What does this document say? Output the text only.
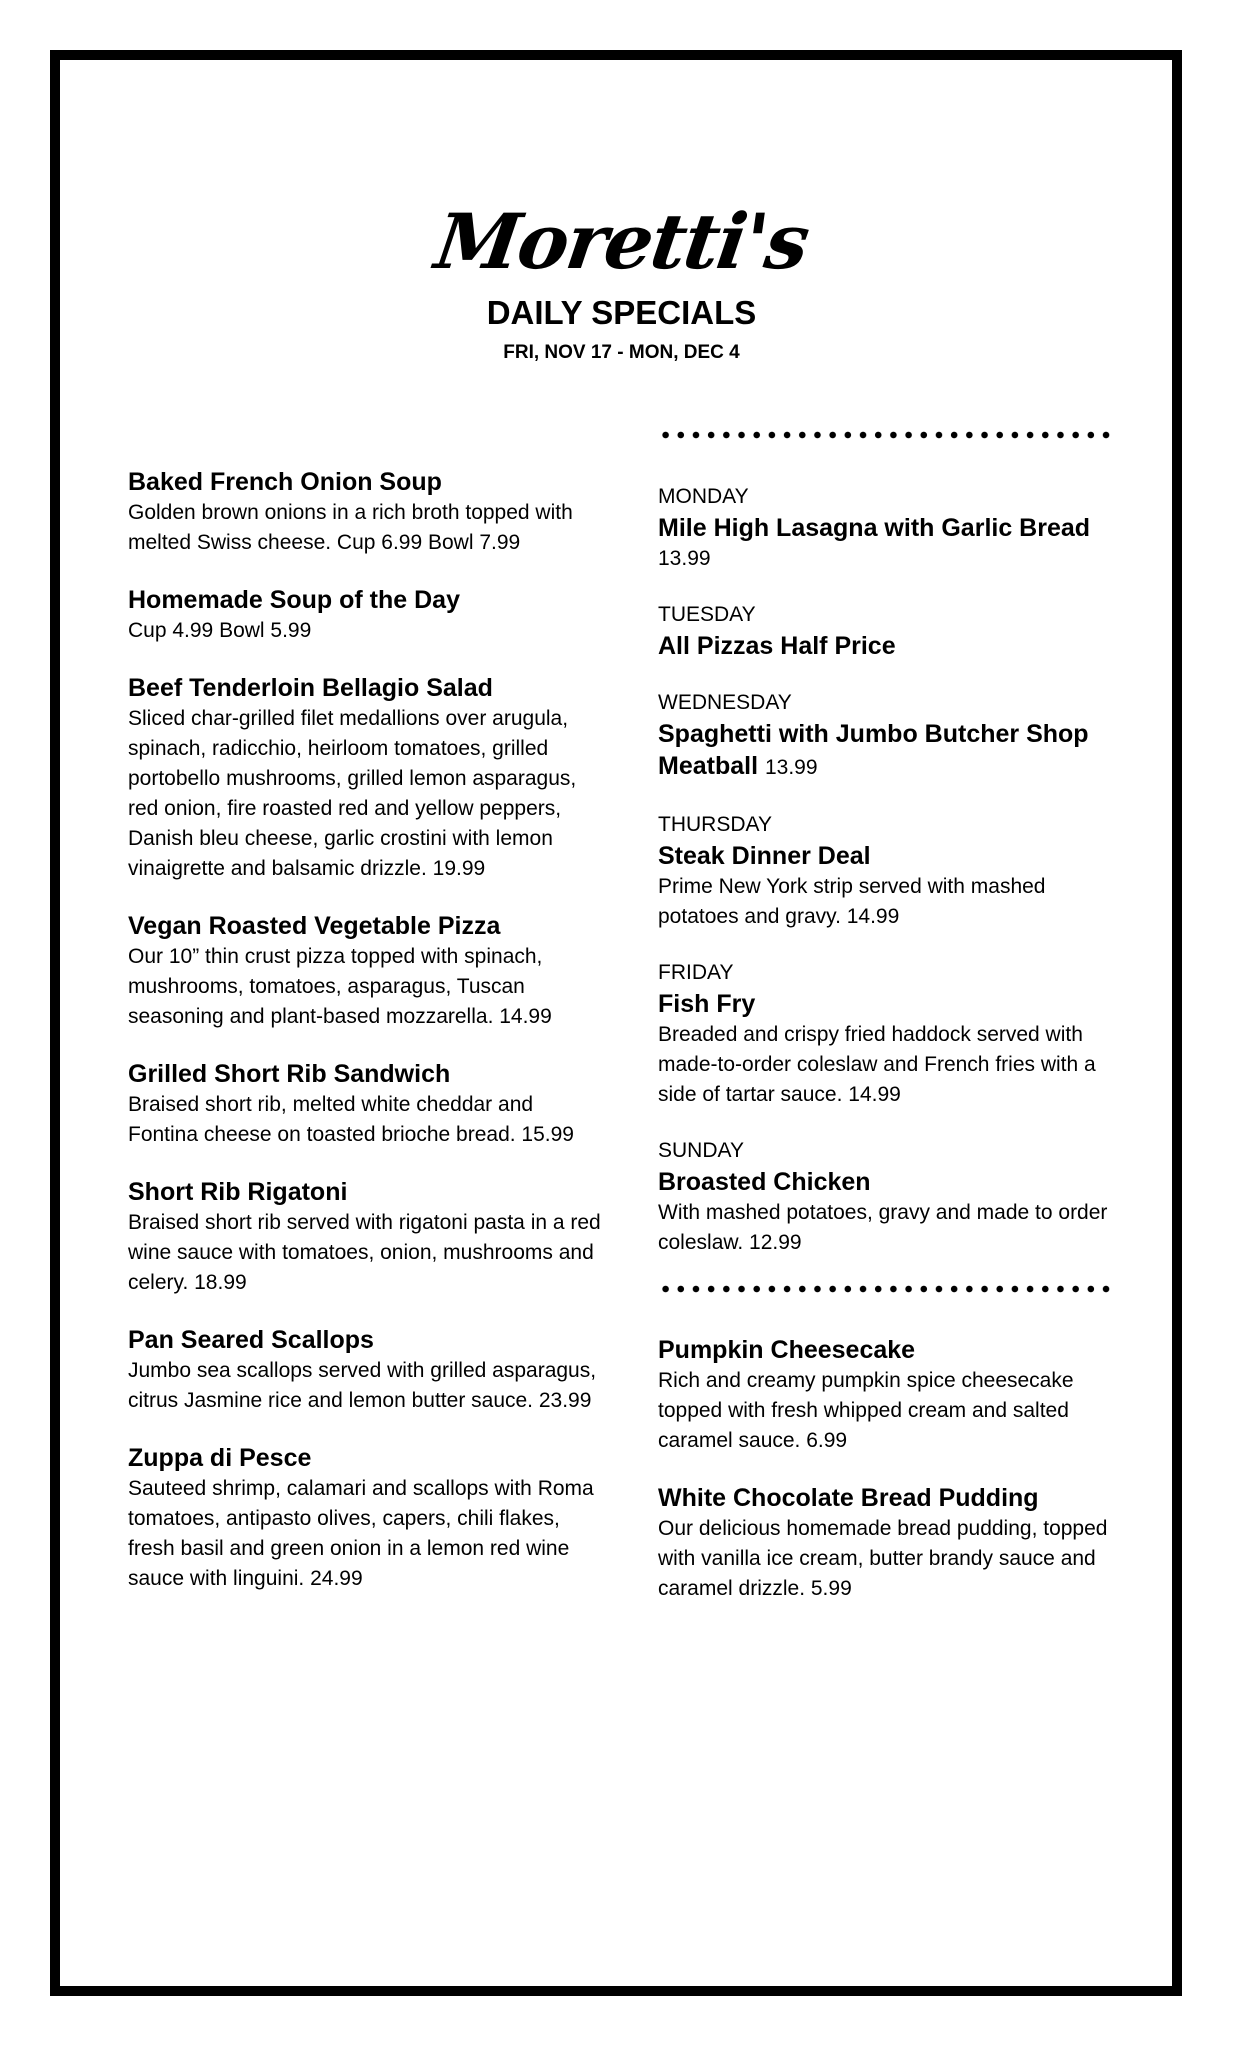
Moretti's
DAILY SPECIALS
FRI, NOV 17 - MON, DEC 4
Baked French Onion Soup
Golden brown onions in a rich broth topped with melted Swiss cheese. Cup 6.99 Bowl 7.99
Homemade Soup of the Day
Cup 4.99 Bowl 5.99
Beef Tenderloin Bellagio Salad
Sliced char-grilled filet medallions over arugula, spinach, radicchio, heirloom tomatoes, grilled portobello mushrooms, grilled lemon asparagus, red onion, fire roasted red and yellow peppers, Danish bleu cheese, garlic crostini with lemon vinaigrette and balsamic drizzle. 19.99
Vegan Roasted Vegetable Pizza
Our 10” thin crust pizza topped with spinach, mushrooms, tomatoes, asparagus, Tuscan seasoning and plant-based mozzarella. 14.99
Grilled Short Rib Sandwich
Braised short rib, melted white cheddar and Fontina cheese on toasted brioche bread. 15.99
Short Rib Rigatoni
Braised short rib served with rigatoni pasta in a red wine sauce with tomatoes, onion, mushrooms and celery. 18.99
Pan Seared Scallops
Jumbo sea scallops served with grilled asparagus, citrus Jasmine rice and lemon butter sauce. 23.99
Zuppa di Pesce
Sauteed shrimp, calamari and scallops with Roma tomatoes, antipasto olives, capers, chili flakes, fresh basil and green onion in a lemon red wine sauce with linguini. 24.99
MONDAY
Mile High Lasagna with Garlic Bread
13.99
TUESDAY
All Pizzas Half Price
WEDNESDAY
Spaghetti with Jumbo Butcher Shop Meatball 13.99
THURSDAY
Steak Dinner Deal
Prime New York strip served with mashed potatoes and gravy. 14.99
FRIDAY
Fish Fry
Breaded and crispy fried haddock served with made-to-order coleslaw and French fries with a side of tartar sauce. 14.99
SUNDAY
Broasted Chicken
With mashed potatoes, gravy and made to order coleslaw. 12.99
Pumpkin Cheesecake
Rich and creamy pumpkin spice cheesecake topped with fresh whipped cream and salted caramel sauce. 6.99
White Chocolate Bread Pudding
Our delicious homemade bread pudding, topped with vanilla ice cream, butter brandy sauce and caramel drizzle. 5.99
